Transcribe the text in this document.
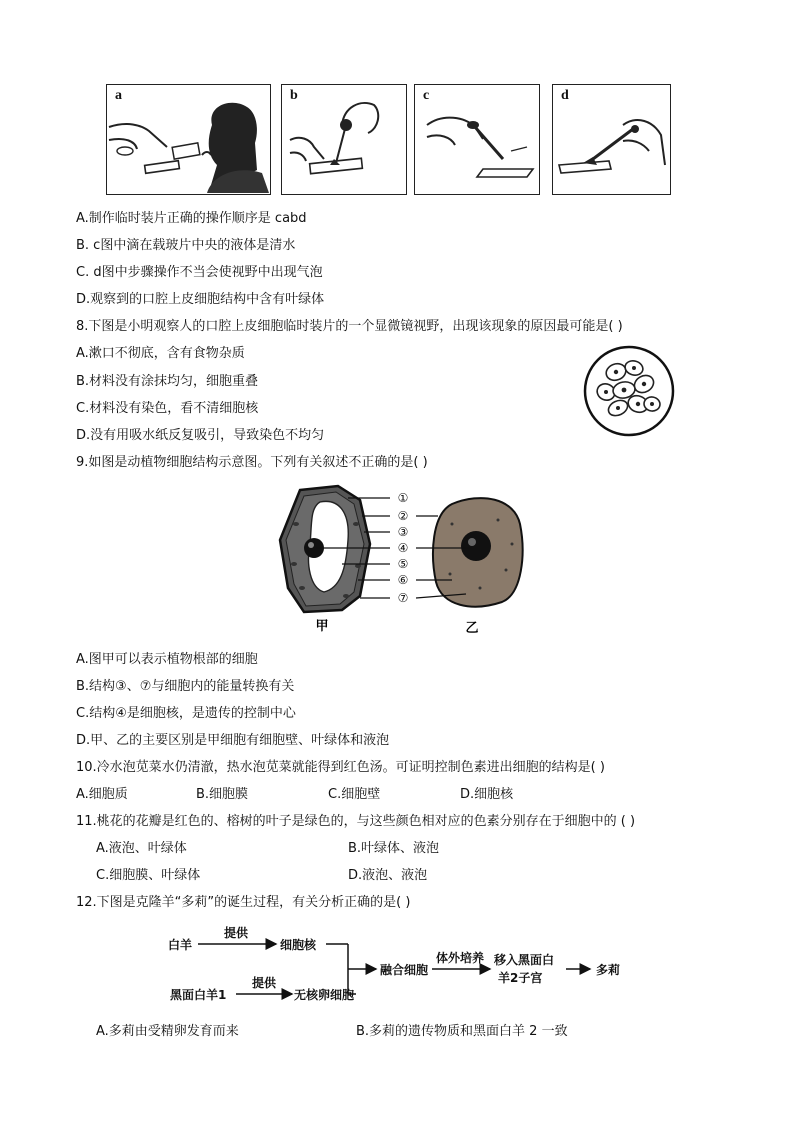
a	b	c	d
A.制作临时装片正确的操作顺序是 cabd
B. c图中滴在载玻片中央的液体是清水
C. d图中步骤操作不当会使视野中出现气泡
D.观察到的口腔上皮细胞结构中含有叶绿体
8.下图是小明观察人的口腔上皮细胞临时装片的一个显微镜视野，出现该现象的原因最可能是( )
A.漱口不彻底，含有食物杂质
B.材料没有涂抹均匀，细胞重叠
C.材料没有染色，看不清细胞核
D.没有用吸水纸反复吸引，导致染色不均匀
9.如图是动植物细胞结构示意图。下列有关叙述不正确的是( )
①
②
③
④
⑤
⑥
⑦
甲	乙
A.图甲可以表示植物根部的细胞
B.结构③、⑦与细胞内的能量转换有关
C.结构④是细胞核，是遗传的控制中心
D.甲、乙的主要区别是甲细胞有细胞壁、叶绿体和液泡
10.冷水泡苋菜水仍清澈，热水泡苋菜就能得到红色汤。可证明控制色素进出细胞的结构是( )
A.细胞质	B.细胞膜	C.细胞壁	D.细胞核
11.桃花的花瓣是红色的、榕树的叶子是绿色的，与这些颜色相对应的色素分别存在于细胞中的 ( )
A.液泡、叶绿体	B.叶绿体、液泡
C.细胞膜、叶绿体	D.液泡、液泡
12.下图是克隆羊“多莉”的诞生过程，有关分析正确的是( )
白羊
提供
细胞核
黑面白羊1
提供
无核卵细胞
融合细胞
体外培养 移入黑面白
羊2子宫
多莉
A.多莉由受精卵发育而来	B.多莉的遗传物质和黑面白羊 2 一致
